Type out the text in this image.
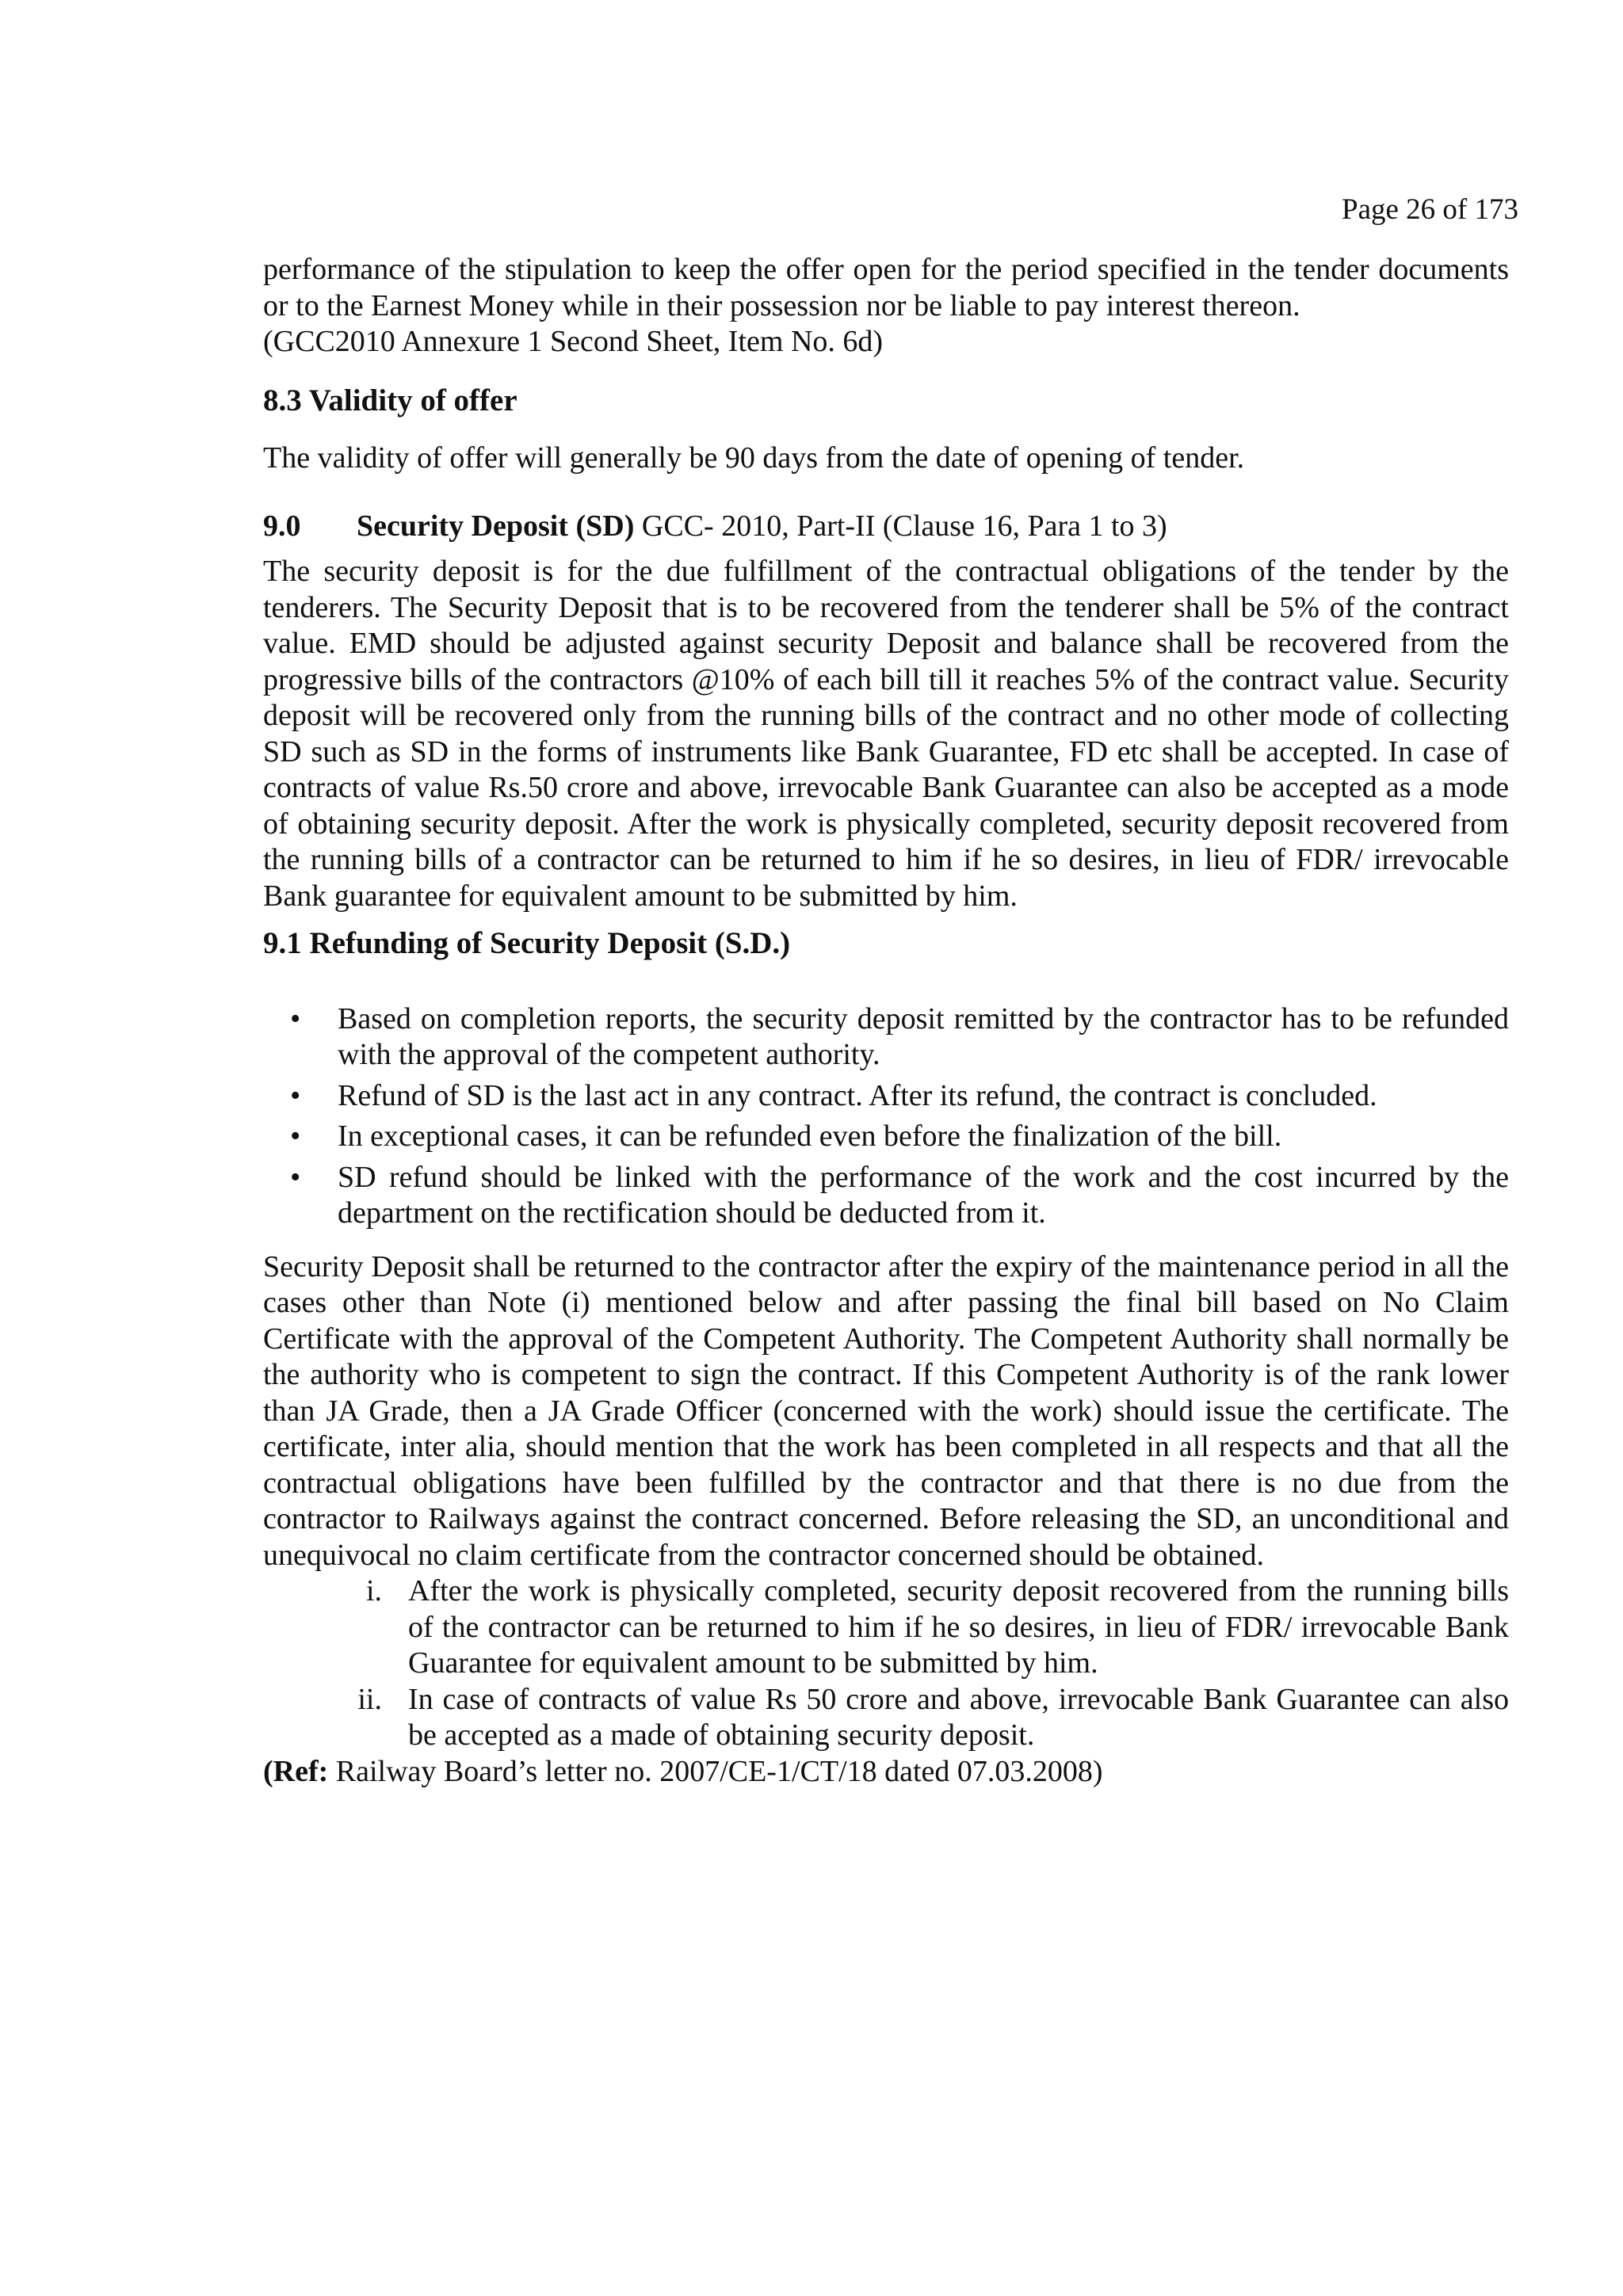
Page 26 of 173

performance of the stipulation to keep the offer open for the period specified in the tender documents or to the Earnest Money while in their possession nor be liable to pay interest thereon.

(GCC2010 Annexure 1 Second Sheet, Item No. 6d)

8.3 Validity of offer

The validity of offer will generally be 90 days from the date of opening of tender.

9.0 Security Deposit (SD) GCC- 2010, Part-II (Clause 16, Para 1 to 3)

The security deposit is for the due fulfillment of the contractual obligations of the tender by the tenderers. The Security Deposit that is to be recovered from the tenderer shall be 5% of the contract value. EMD should be adjusted against security Deposit and balance shall be recovered from the progressive bills of the contractors @10% of each bill till it reaches 5% of the contract value. Security deposit will be recovered only from the running bills of the contract and no other mode of collecting SD such as SD in the forms of instruments like Bank Guarantee, FD etc shall be accepted. In case of contracts of value Rs.50 crore and above, irrevocable Bank Guarantee can also be accepted as a mode of obtaining security deposit. After the work is physically completed, security deposit recovered from the running bills of a contractor can be returned to him if he so desires, in lieu of FDR/ irrevocable Bank guarantee for equivalent amount to be submitted by him.

9.1 Refunding of Security Deposit (S.D.)
• Based on completion reports, the security deposit remitted by the contractor has to be refunded with the approval of the competent authority.
• Refund of SD is the last act in any contract. After its refund, the contract is concluded.
• In exceptional cases, it can be refunded even before the finalization of the bill.
• SD refund should be linked with the performance of the work and the cost incurred by the department on the rectification should be deducted from it.

Security Deposit shall be returned to the contractor after the expiry of the maintenance period in all the cases other than Note (i) mentioned below and after passing the final bill based on No Claim Certificate with the approval of the Competent Authority. The Competent Authority shall normally be the authority who is competent to sign the contract. If this Competent Authority is of the rank lower than JA Grade, then a JA Grade Officer (concerned with the work) should issue the certificate. The certificate, inter alia, should mention that the work has been completed in all respects and that all the contractual obligations have been fulfilled by the contractor and that there is no due from the contractor to Railways against the contract concerned. Before releasing the SD, an unconditional and unequivocal no claim certificate from the contractor concerned should be obtained.

i. After the work is physically completed, security deposit recovered from the running bills of the contractor can be returned to him if he so desires, in lieu of FDR/ irrevocable Bank Guarantee for equivalent amount to be submitted by him.
ii. In case of contracts of value Rs 50 crore and above, irrevocable Bank Guarantee can also be accepted as a made of obtaining security deposit.

(Ref: Railway Board’s letter no. 2007/CE-1/CT/18 dated 07.03.2008)
